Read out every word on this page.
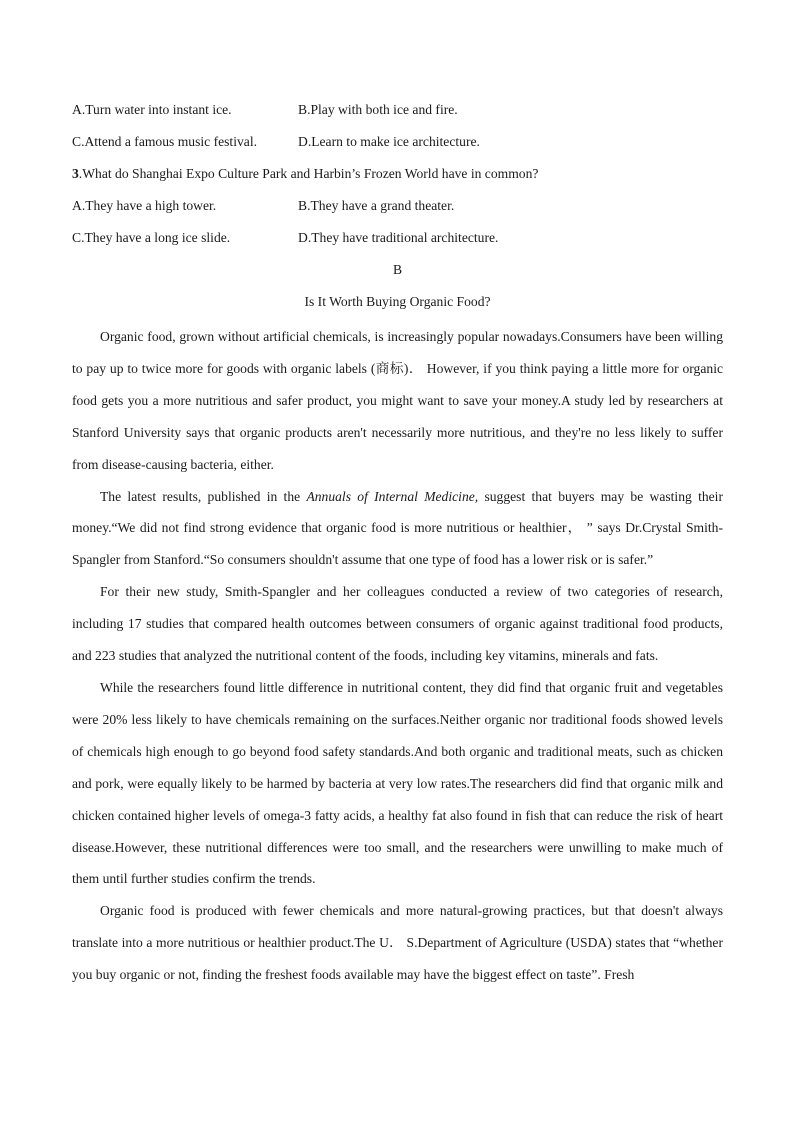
A.Turn water into instant ice.	B.Play with both ice and fire.
C.Attend a famous music festival.	D.Learn to make ice architecture.
3.What do Shanghai Expo Culture Park and Harbin’s Frozen World have in common?
A.They have a high tower.	B.They have a grand theater.
C.They have a long ice slide.	D.They have traditional architecture.
B
Is It Worth Buying Organic Food?

Organic food, grown without artificial chemicals, is increasingly popular nowadays.Consumers have been willing to pay up to twice more for goods with organic labels (商标)． However, if you think paying a little more for organic food gets you a more nutritious and safer product, you might want to save your money.A study led by researchers at Stanford University says that organic products aren't necessarily more nutritious, and they're no less likely to suffer from disease-causing bacteria, either.

The latest results, published in the Annuals of Internal Medicine, suggest that buyers may be wasting their money.“We did not find strong evidence that organic food is more nutritious or healthier， ” says Dr.Crystal Smith-Spangler from Stanford.“So consumers shouldn't assume that one type of food has a lower risk or is safer.”

For their new study, Smith-Spangler and her colleagues conducted a review of two categories of research, including 17 studies that compared health outcomes between consumers of organic against traditional food products, and 223 studies that analyzed the nutritional content of the foods, including key vitamins, minerals and fats.

While the researchers found little difference in nutritional content, they did find that organic fruit and vegetables were 20% less likely to have chemicals remaining on the surfaces.Neither organic nor traditional foods showed levels of chemicals high enough to go beyond food safety standards.And both organic and traditional meats, such as chicken and pork, were equally likely to be harmed by bacteria at very low rates.The researchers did find that organic milk and chicken contained higher levels of omega-3 fatty acids, a healthy fat also found in fish that can reduce the risk of heart disease.However, these nutritional differences were too small, and the researchers were unwilling to make much of them until further studies confirm the trends.

Organic food is produced with fewer chemicals and more natural-growing practices, but that doesn't always translate into a more nutritious or healthier product.The U． S.Department of Agriculture (USDA) states that “whether you buy organic or not, finding the freshest foods available may have the biggest effect on taste”. Fresh
